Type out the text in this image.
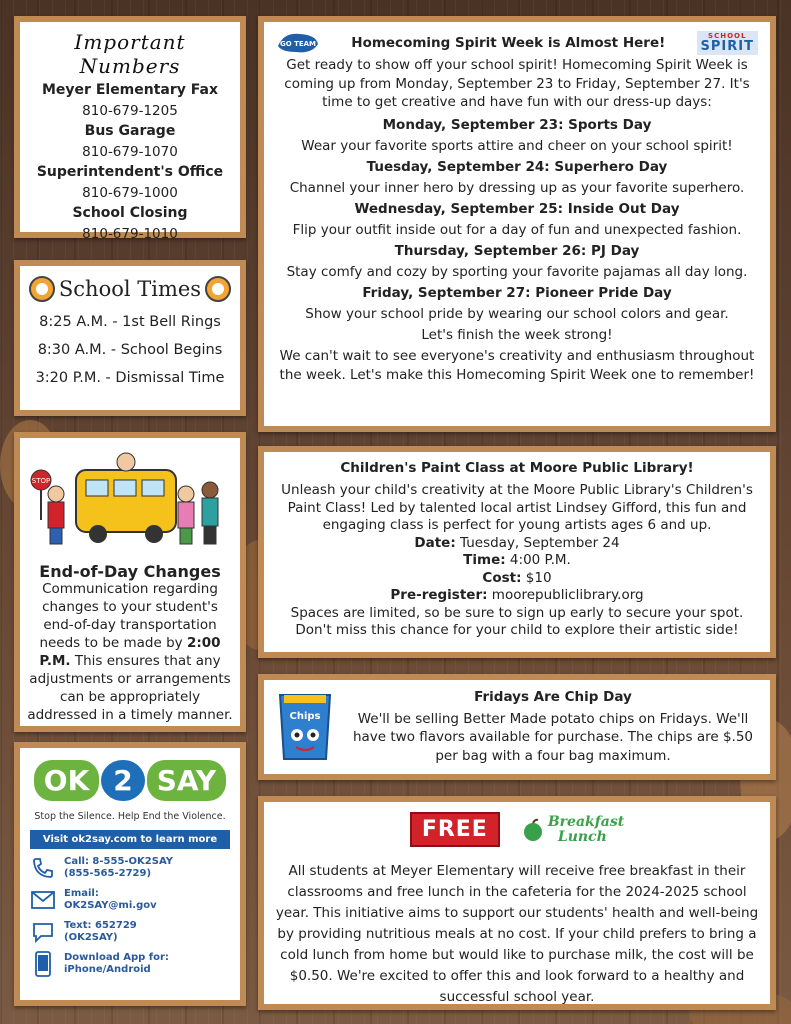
Important Numbers
Meyer Elementary Fax
810-679-1205
Bus Garage
810-679-1070
Superintendent's Office
810-679-1000
School Closing
810-679-1010
School Times
8:25 A.M. - 1st Bell Rings
8:30 A.M. - School Begins
3:20 P.M. - Dismissal Time
STOP
End-of-Day Changes
Communication regarding changes to your student's end-of-day transportation needs to be made by 2:00 P.M. This ensures that any adjustments or arrangements can be appropriately addressed in a timely manner.
OK 2 SAY
Stop the Silence. Help End the Violence.
Visit ok2say.com to learn more
Call: 8-555-OK2SAY
(855-565-2729)
Email:
OK2SAY@mi.gov
Text: 652729
(OK2SAY)
Download App for:
iPhone/Android
GO TEAM	Homecoming Spirit Week is Almost Here!	SCHOOL
SPIRIT
Get ready to show off your school spirit! Homecoming Spirit Week is coming up from Monday, September 23 to Friday, September 27. It's time to get creative and have fun with our dress-up days:
Monday, September 23: Sports Day
Wear your favorite sports attire and cheer on your school spirit!
Tuesday, September 24: Superhero Day
Channel your inner hero by dressing up as your favorite superhero.
Wednesday, September 25: Inside Out Day
Flip your outfit inside out for a day of fun and unexpected fashion.
Thursday, September 26: PJ Day
Stay comfy and cozy by sporting your favorite pajamas all day long.
Friday, September 27: Pioneer Pride Day
Show your school pride by wearing our school colors and gear.
Let's finish the week strong!
We can't wait to see everyone's creativity and enthusiasm throughout the week. Let's make this Homecoming Spirit Week one to remember!
Children's Paint Class at Moore Public Library!
Unleash your child's creativity at the Moore Public Library's Children's Paint Class! Led by talented local artist Lindsey Gifford, this fun and engaging class is perfect for young artists ages 6 and up.
Date: Tuesday, September 24
Time: 4:00 P.M.
Cost: $10
Pre-register: moorepubliclibrary.org
Spaces are limited, so be sure to sign up early to secure your spot. Don't miss this chance for your child to explore their artistic side!
Chips
Fridays Are Chip Day
We'll be selling Better Made potato chips on Fridays. We'll have two flavors available for purchase. The chips are $.50 per bag with a four bag maximum.
FREE	Breakfast
Lunch
All students at Meyer Elementary will receive free breakfast in their classrooms and free lunch in the cafeteria for the 2024-2025 school year. This initiative aims to support our students' health and well-being by providing nutritious meals at no cost. If your child prefers to bring a cold lunch from home but would like to purchase milk, the cost will be $0.50. We're excited to offer this and look forward to a healthy and successful school year.
